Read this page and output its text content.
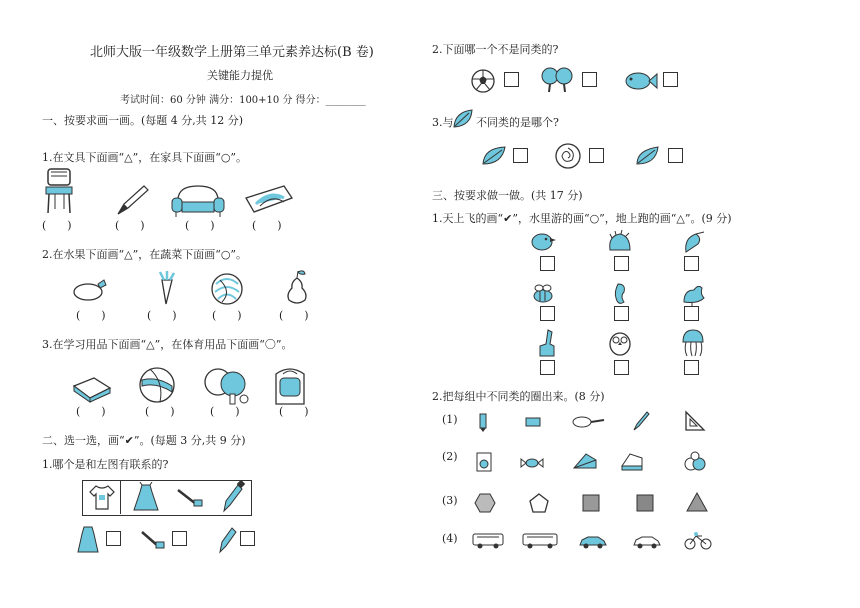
北师大版一年级数学上册第三单元素养达标(B 卷)
关键能力提优
考试时间：60 分钟 满分：100+10 分 得分：________
一、按要求画一画。(每题 4 分,共 12 分)
1.在文具下面画“△”，在家具下面画“○”。
(      )	(      )	(      )	(      )
2.在水果下面画“△”，在蔬菜下面画“○”。
(      )	(      )	(      )	(      )
3.在学习用品下面画“△”，在体育用品下面画“〇”。
(      )	(      )	(      )	(      )
二、选一选，画“✔”。(每题 3 分,共 9 分)
1.哪个是和左图有联系的?
2.下面哪一个不是同类的?
3.与 不同类的是哪个?
三、按要求做一做。(共 17 分)
1.天上飞的画“✔”，水里游的画“○”，地上跑的画“△”。(9 分)
2.把每组中不同类的圈出来。(8 分)
(1)
(2)
(3)
(4)
